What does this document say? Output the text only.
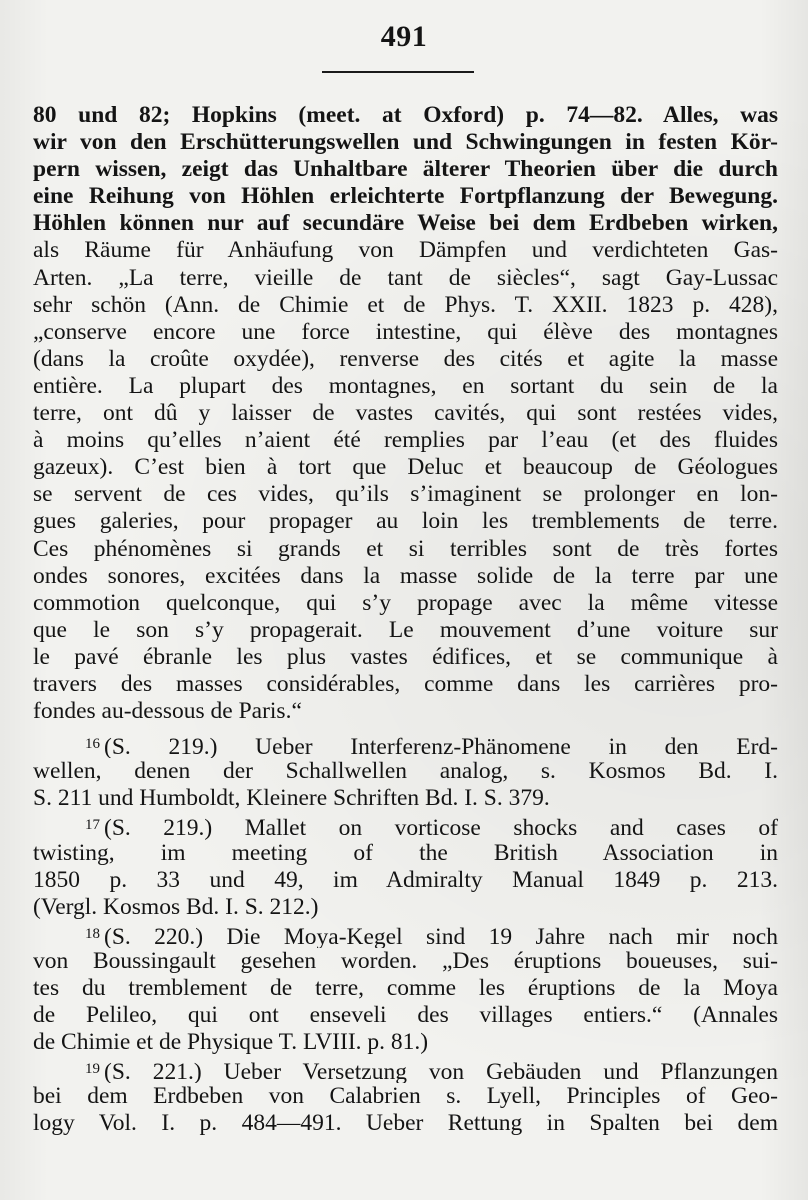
491
80 und 82; Hopkins (meet. at Oxford) p. 74—82. Alles, was
wir von den Erschütterungswellen und Schwingungen in festen Kör-
pern wissen, zeigt das Unhaltbare älterer Theorien über die durch
eine Reihung von Höhlen erleichterte Fortpflanzung der Bewegung.
Höhlen können nur auf secundäre Weise bei dem Erdbeben wirken,
als Räume für Anhäufung von Dämpfen und verdichteten Gas-
Arten. „La terre, vieille de tant de siècles“, sagt Gay-Lussac
sehr schön (Ann. de Chimie et de Phys. T. XXII. 1823 p. 428),
„conserve encore une force intestine, qui élève des montagnes
(dans la croûte oxydée), renverse des cités et agite la masse
entière. La plupart des montagnes, en sortant du sein de la
terre, ont dû y laisser de vastes cavités, qui sont restées vides,
à moins qu’elles n’aient été remplies par l’eau (et des fluides
gazeux). C’est bien à tort que Deluc et beaucoup de Géologues
se servent de ces vides, qu’ils s’imaginent se prolonger en lon-
gues galeries, pour propager au loin les tremblements de terre.
Ces phénomènes si grands et si terribles sont de très fortes
ondes sonores, excitées dans la masse solide de la terre par une
commotion quelconque, qui s’y propage avec la même vitesse
que le son s’y propagerait. Le mouvement d’une voiture sur
le pavé ébranle les plus vastes édifices, et se communique à
travers des masses considérables, comme dans les carrières pro-
fondes au-dessous de Paris.“
$^{16}$ (S. 219.) Ueber Interferenz-Phänomene in den Erd-
wellen, denen der Schallwellen analog, s. Kosmos Bd. I.
S. 211 und Humboldt, Kleinere Schriften Bd. I. S. 379.
$^{17}$ (S. 219.) Mallet on vorticose shocks and cases of
twisting, im meeting of the British Association in
1850 p. 33 und 49, im Admiralty Manual 1849 p. 213.
(Vergl. Kosmos Bd. I. S. 212.)
$^{18}$ (S. 220.) Die Moya-Kegel sind 19 Jahre nach mir noch
von Boussingault gesehen worden. „Des éruptions boueuses, sui-
tes du tremblement de terre, comme les éruptions de la Moya
de Pelileo, qui ont enseveli des villages entiers.“ (Annales
de Chimie et de Physique T. LVIII. p. 81.)
$^{19}$ (S. 221.) Ueber Versetzung von Gebäuden und Pflanzungen
bei dem Erdbeben von Calabrien s. Lyell, Principles of Geo-
logy Vol. I. p. 484—491. Ueber Rettung in Spalten bei dem
